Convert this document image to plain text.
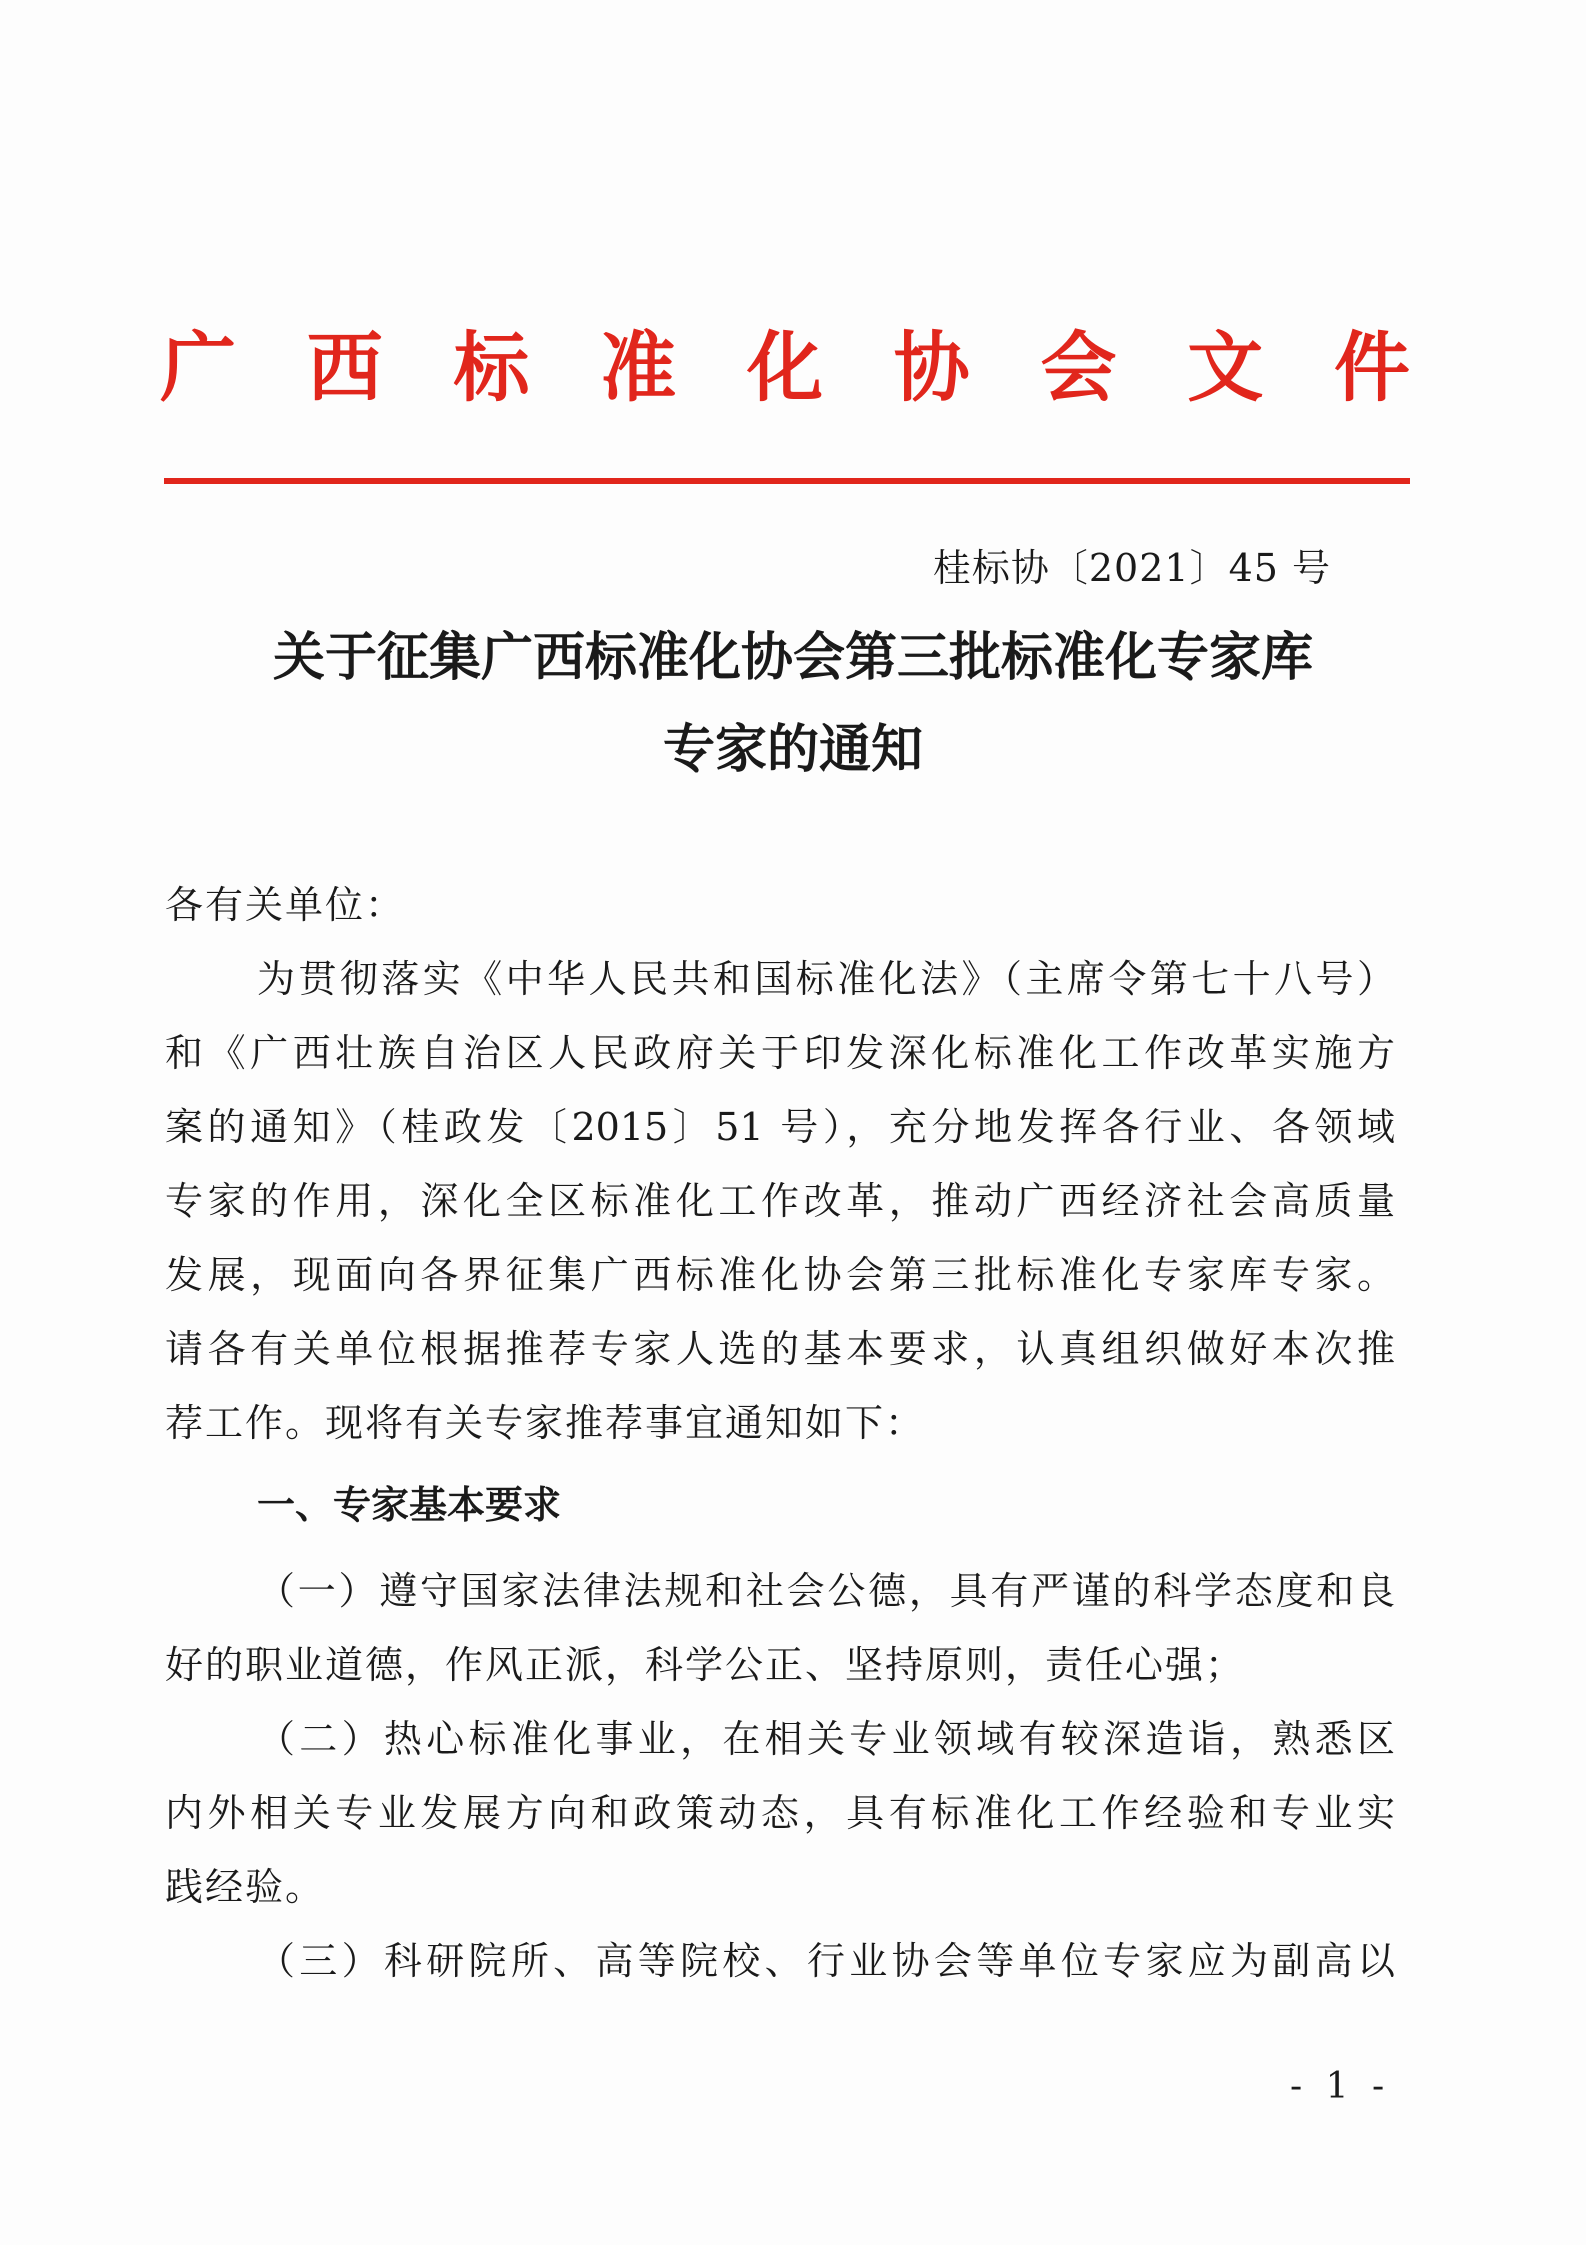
广 西 标 准 化 协 会 文 件
桂标协〔2021〕45 号
关于征集广西标准化协会第三批标准化专家库
专家的通知
各有关单位：
为贯彻落实《中华人民共和国标准化法》（主席令第七十八号）
和《广西壮族自治区人民政府关于印发深化标准化工作改革实施方
案的通知》（桂政发〔2015〕51 号），充分地发挥各行业、各领域
专家的作用，深化全区标准化工作改革，推动广西经济社会高质量
发展，现面向各界征集广西标准化协会第三批标准化专家库专家。
请各有关单位根据推荐专家人选的基本要求，认真组织做好本次推
荐工作。现将有关专家推荐事宜通知如下：
一、专家基本要求
（一）遵守国家法律法规和社会公德，具有严谨的科学态度和良
好的职业道德，作风正派，科学公正、坚持原则，责任心强；
（二）热心标准化事业，在相关专业领域有较深造诣，熟悉区
内外相关专业发展方向和政策动态，具有标准化工作经验和专业实
践经验。
（三）科研院所、高等院校、行业协会等单位专家应为副高以
- 1 -
